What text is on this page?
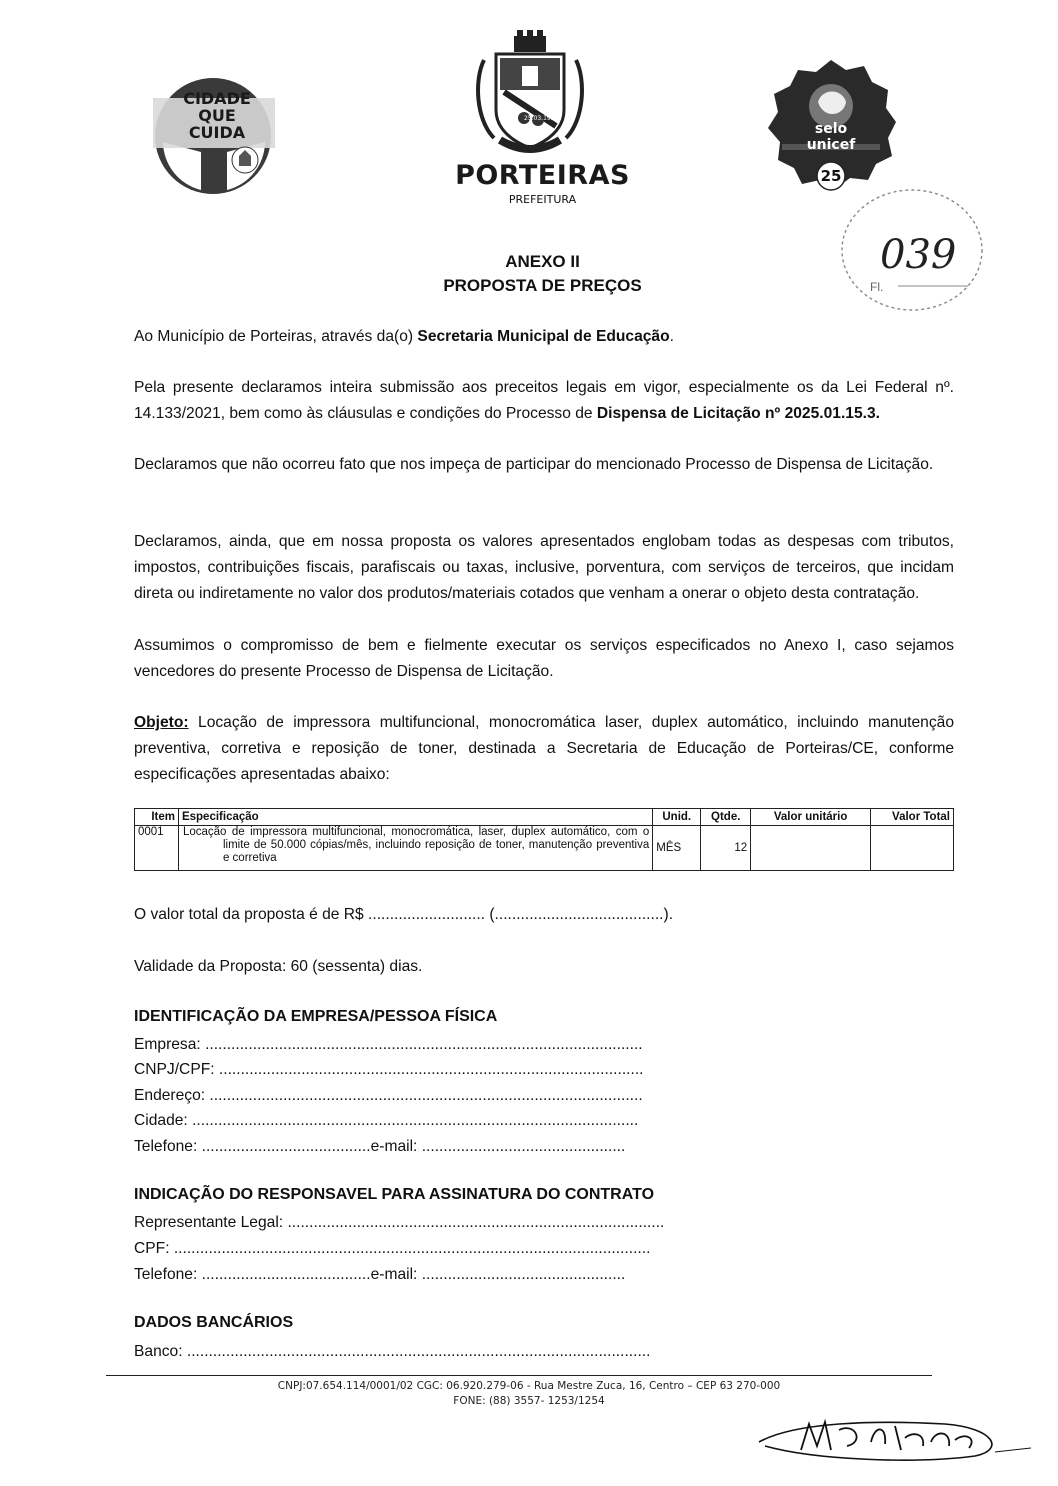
CIDADE
QUE CUIDA
25.03.1959
PORTEIRAS
PREFEITURA
selo unicef
25
039
Fl.
ANEXO II
PROPOSTA DE PREÇOS
Ao Município de Porteiras, através da(o) Secretaria Municipal de Educação.
Pela presente declaramos inteira submissão aos preceitos legais em vigor, especialmente os da Lei Federal nº. 14.133/2021, bem como às cláusulas e condições do Processo de Dispensa de Licitação nº 2025.01.15.3.
Declaramos que não ocorreu fato que nos impeça de participar do mencionado Processo de Dispensa de Licitação.
Declaramos, ainda, que em nossa proposta os valores apresentados englobam todas as despesas com tributos, impostos, contribuições fiscais, parafiscais ou taxas, inclusive, porventura, com serviços de terceiros, que incidam direta ou indiretamente no valor dos produtos/materiais cotados que venham a onerar o objeto desta contratação.
Assumimos o compromisso de bem e fielmente executar os serviços especificados no Anexo I, caso sejamos vencedores do presente Processo de Dispensa de Licitação.
Objeto: Locação de impressora multifuncional, monocromática laser, duplex automático, incluindo manutenção preventiva, corretiva e reposição de toner, destinada a Secretaria de Educação de Porteiras/CE, conforme especificações apresentadas abaixo:
Item	Especificação	Unid.	Qtde.	Valor unitário	Valor Total
0001	Locação de impressora multifuncional, monocromática, laser, duplex automático, com o limite de 50.000 cópias/mês, incluindo reposição de toner, manutenção preventiva e corretiva	MÊS	12		
O valor total da proposta é de R$ ........................... (.......................................).
Validade da Proposta: 60 (sessenta) dias.
IDENTIFICAÇÃO DA EMPRESA/PESSOA FÍSICA
Empresa: .....................................................................................................
CNPJ/CPF: ..................................................................................................
Endereço: ....................................................................................................
Cidade: .......................................................................................................
Telefone: .......................................e-mail: ...............................................
INDICAÇÃO DO RESPONSAVEL PARA ASSINATURA DO CONTRATO
Representante Legal: .......................................................................................
CPF: ..............................................................................................................
Telefone: .......................................e-mail: ...............................................
DADOS BANCÁRIOS
Banco: ...........................................................................................................
CNPJ:07.654.114/0001/02 CGC: 06.920.279-06 - Rua Mestre Zuca, 16, Centro – CEP 63 270-000
FONE: (88) 3557- 1253/1254
